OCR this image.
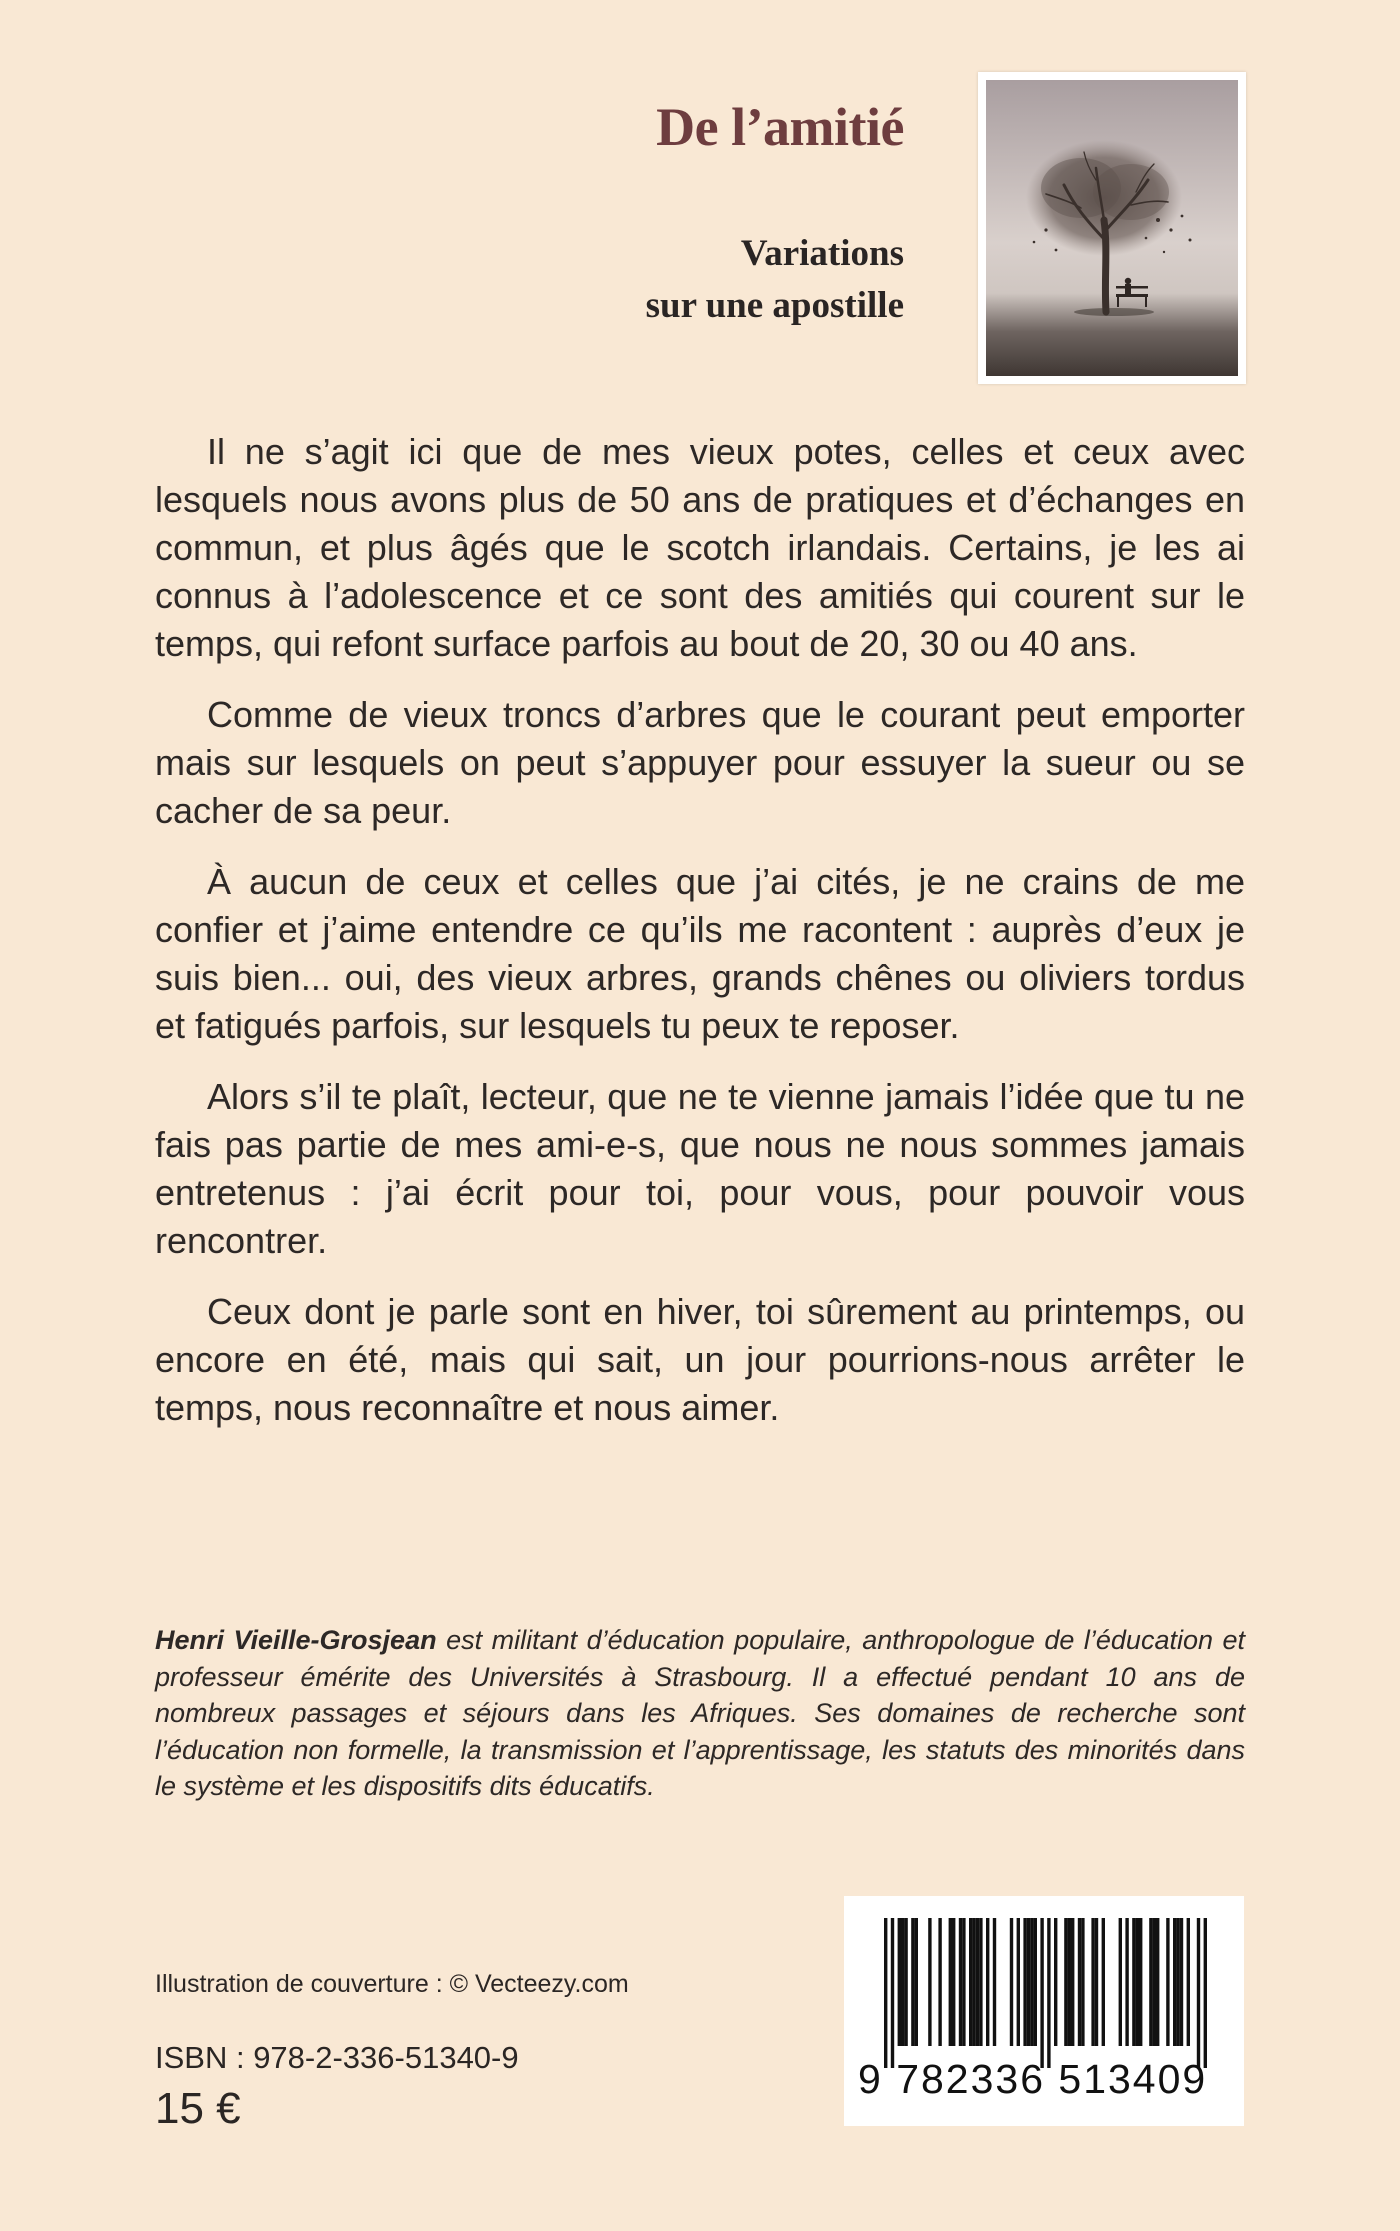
De l’amitié
Variations
sur une apostille

Il ne s’agit ici que de mes vieux potes, celles et ceux avec lesquels nous avons plus de 50 ans de pratiques et d’échanges en commun, et plus âgés que le scotch irlandais. Certains, je les ai connus à l’adolescence et ce sont des amitiés qui courent sur le temps, qui refont surface parfois au bout de 20, 30 ou 40 ans.

Comme de vieux troncs d’arbres que le courant peut emporter mais sur lesquels on peut s’appuyer pour essuyer la sueur ou se cacher de sa peur.

À aucun de ceux et celles que j’ai cités, je ne crains de me confier et j’aime entendre ce qu’ils me racontent : auprès d’eux je suis bien... oui, des vieux arbres, grands chênes ou oliviers tordus et fatigués parfois, sur lesquels tu peux te reposer.

Alors s’il te plaît, lecteur, que ne te vienne jamais l’idée que tu ne fais pas partie de mes ami-e-s, que nous ne nous sommes jamais entretenus : j’ai écrit pour toi, pour vous, pour pouvoir vous rencontrer.

Ceux dont je parle sont en hiver, toi sûrement au printemps, ou encore en été, mais qui sait, un jour pourrions-nous arrêter le temps, nous reconnaître et nous aimer.

Henri Vieille-Grosjean est militant d’éducation populaire, anthropologue de l’éducation et professeur émérite des Universités à Strasbourg. Il a effectué pendant 10 ans de nombreux passages et séjours dans les Afriques. Ses domaines de recherche sont l’éducation non formelle, la transmission et l’apprentissage, les statuts des minorités dans le système et les dispositifs dits éducatifs.

Illustration de couverture : © Vecteezy.com

ISBN : 978-2-336-51340-9

15 €

9 782336 513409
